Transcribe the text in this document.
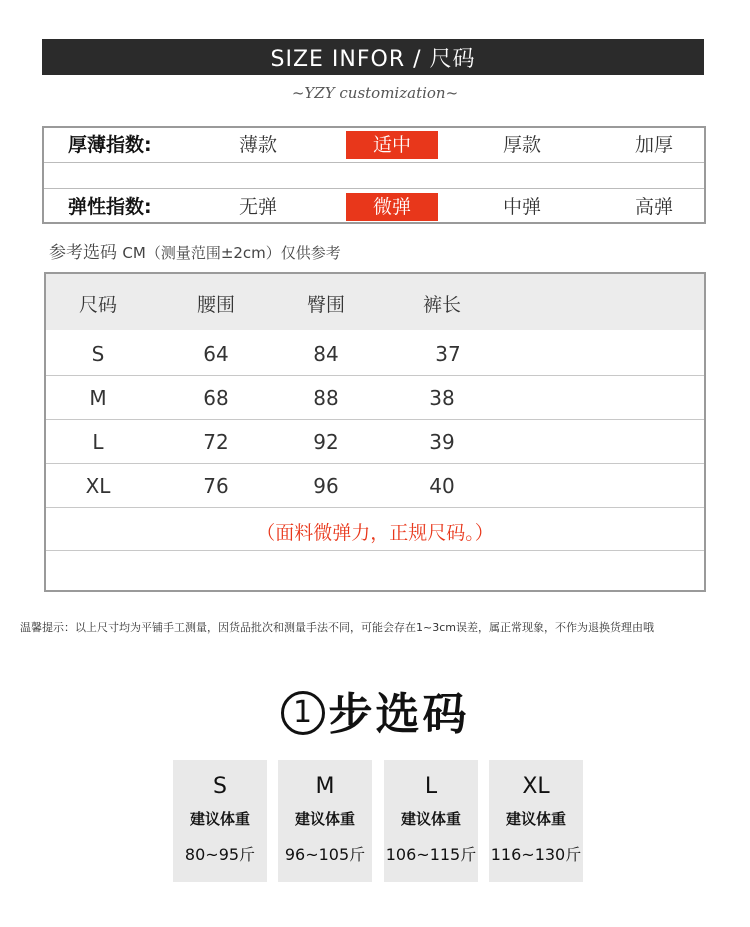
SIZE INFOR / 尺码
~YZY customization~
厚薄指数:	薄款	适中	厚款	加厚
弹性指数:	无弹	微弹	中弹	高弹
参考选码 CM（测量范围±2cm）仅供参考
尺码	腰围	臀围	裤长
S	64	84	37
M	68	88	38
L	72	92	39
XL	76	96	40
（面料微弹力，正规尺码。）
温馨提示：以上尺寸均为平铺手工测量，因货品批次和测量手法不同，可能会存在1~3cm误差，属正常现象，不作为退换货理由哦
1 步选码
S
建议体重
80~95斤
M
建议体重
96~105斤
L
建议体重
106~115斤
XL
建议体重
116~130斤
